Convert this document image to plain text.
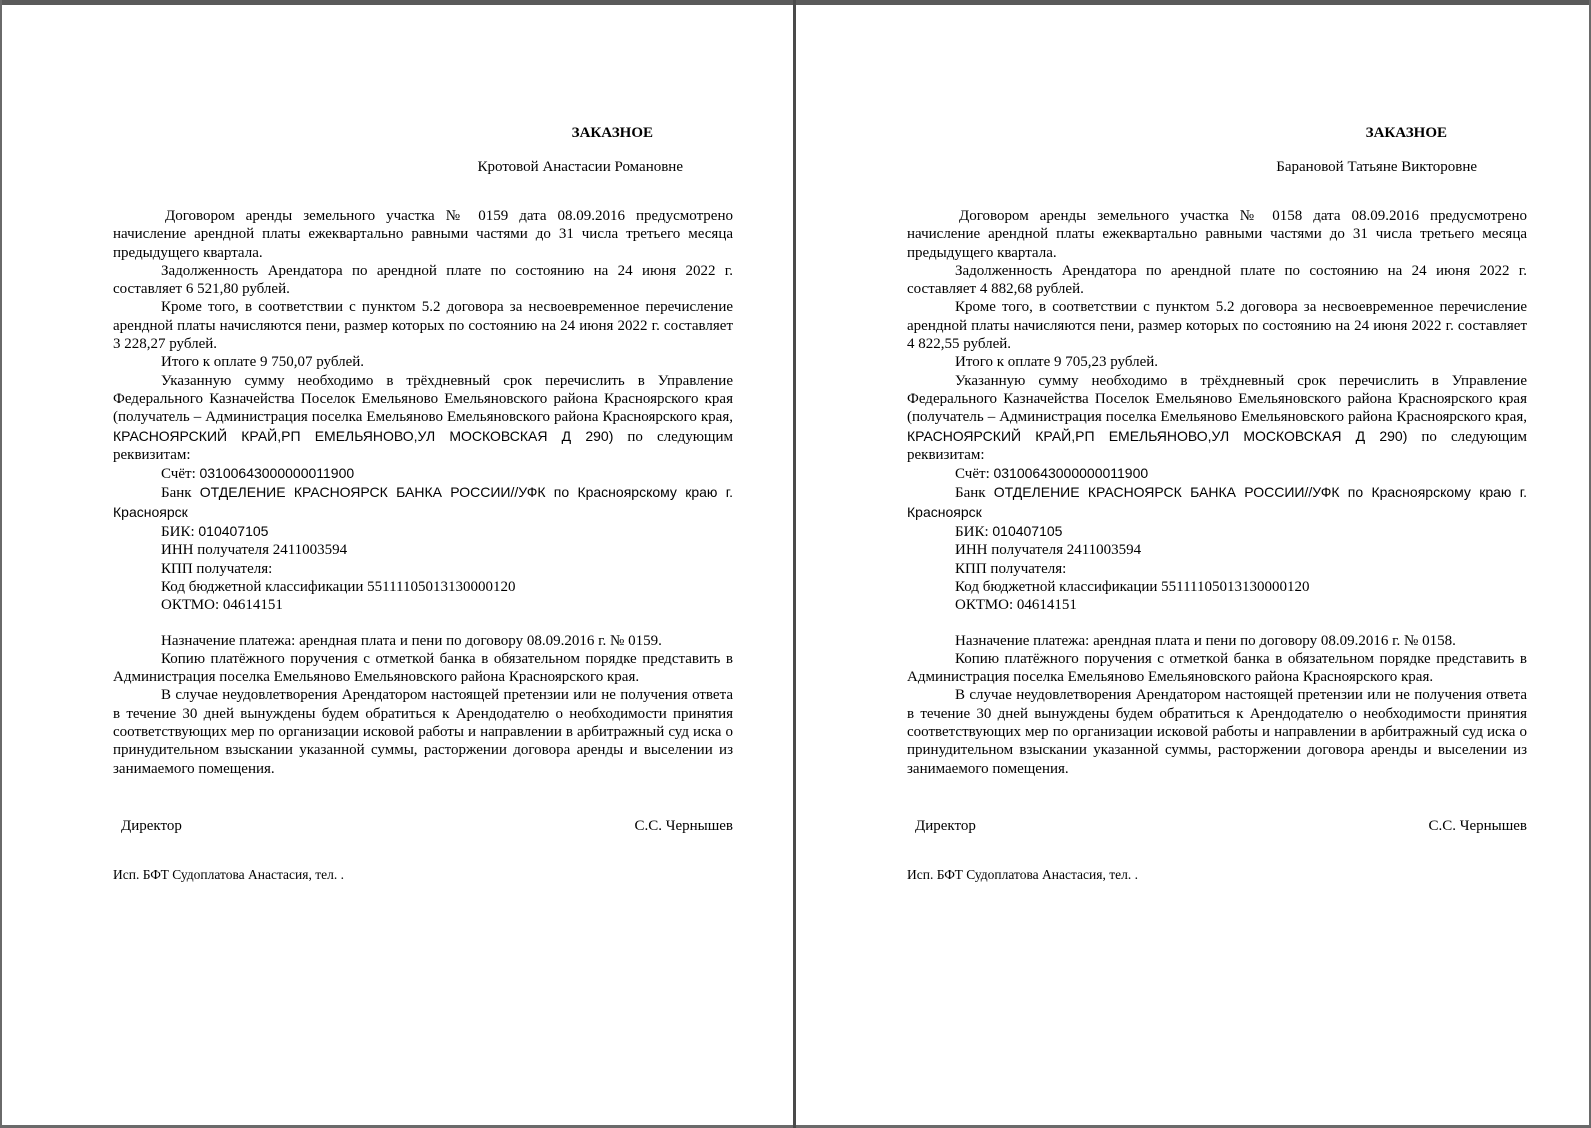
ЗАКАЗНОЕ
Кротовой Анастасии Романовне

Договором аренды земельного участка № 0159 дата 08.09.2016 предусмотрено начисление арендной платы ежеквартально равными частями до 31 числа третьего месяца предыдущего квартала.

Задолженность Арендатора по арендной плате по состоянию на 24 июня 2022 г. составляет 6 521,80 рублей.

Кроме того, в соответствии с пунктом 5.2 договора за несвоевременное перечисление арендной платы начисляются пени, размер которых по состоянию на 24 июня 2022 г. составляет 3 228,27 рублей.

Итого к оплате 9 750,07 рублей.

Указанную сумму необходимо в трёхдневный срок перечислить в Управление Федерального Казначейства Поселок Емельяново Емельяновского района Красноярского края (получатель – Администрация поселка Емельяново Емельяновского района Красноярского края, КРАСНОЯРСКИЙ КРАЙ,РП ЕМЕЛЬЯНОВО,УЛ МОСКОВСКАЯ Д 290) по следующим реквизитам:

Счёт: 03100643000000011900

Банк ОТДЕЛЕНИЕ КРАСНОЯРСК БАНКА РОССИИ//УФК по Красноярскому краю г. Красноярск

БИК: 010407105

ИНН получателя 2411003594

КПП получателя:

Код бюджетной классификации 55111105013130000120

ОКТМО: 04614151

Назначение платежа: арендная плата и пени по договору 08.09.2016 г. № 0159.

Копию платёжного поручения с отметкой банка в обязательном порядке представить в Администрация поселка Емельяново Емельяновского района Красноярского края.

В случае неудовлетворения Арендатором настоящей претензии или не получения ответа в течение 30 дней вынуждены будем обратиться к Арендодателю о необходимости принятия соответствующих мер по организации исковой работы и направлении в арбитражный суд иска о принудительном взыскании указанной суммы, расторжении договора аренды и выселении из занимаемого помещения.

Директор	С.С. Чернышев
Исп. БФТ Судоплатова Анастасия, тел. .
ЗАКАЗНОЕ
Барановой Татьяне Викторовне

Договором аренды земельного участка № 0158 дата 08.09.2016 предусмотрено начисление арендной платы ежеквартально равными частями до 31 числа третьего месяца предыдущего квартала.

Задолженность Арендатора по арендной плате по состоянию на 24 июня 2022 г. составляет 4 882,68 рублей.

Кроме того, в соответствии с пунктом 5.2 договора за несвоевременное перечисление арендной платы начисляются пени, размер которых по состоянию на 24 июня 2022 г. составляет 4 822,55 рублей.

Итого к оплате 9 705,23 рублей.

Указанную сумму необходимо в трёхдневный срок перечислить в Управление Федерального Казначейства Поселок Емельяново Емельяновского района Красноярского края (получатель – Администрация поселка Емельяново Емельяновского района Красноярского края, КРАСНОЯРСКИЙ КРАЙ,РП ЕМЕЛЬЯНОВО,УЛ МОСКОВСКАЯ Д 290) по следующим реквизитам:

Счёт: 03100643000000011900

Банк ОТДЕЛЕНИЕ КРАСНОЯРСК БАНКА РОССИИ//УФК по Красноярскому краю г. Красноярск

БИК: 010407105

ИНН получателя 2411003594

КПП получателя:

Код бюджетной классификации 55111105013130000120

ОКТМО: 04614151

Назначение платежа: арендная плата и пени по договору 08.09.2016 г. № 0158.

Копию платёжного поручения с отметкой банка в обязательном порядке представить в Администрация поселка Емельяново Емельяновского района Красноярского края.

В случае неудовлетворения Арендатором настоящей претензии или не получения ответа в течение 30 дней вынуждены будем обратиться к Арендодателю о необходимости принятия соответствующих мер по организации исковой работы и направлении в арбитражный суд иска о принудительном взыскании указанной суммы, расторжении договора аренды и выселении из занимаемого помещения.

Директор	С.С. Чернышев
Исп. БФТ Судоплатова Анастасия, тел. .
